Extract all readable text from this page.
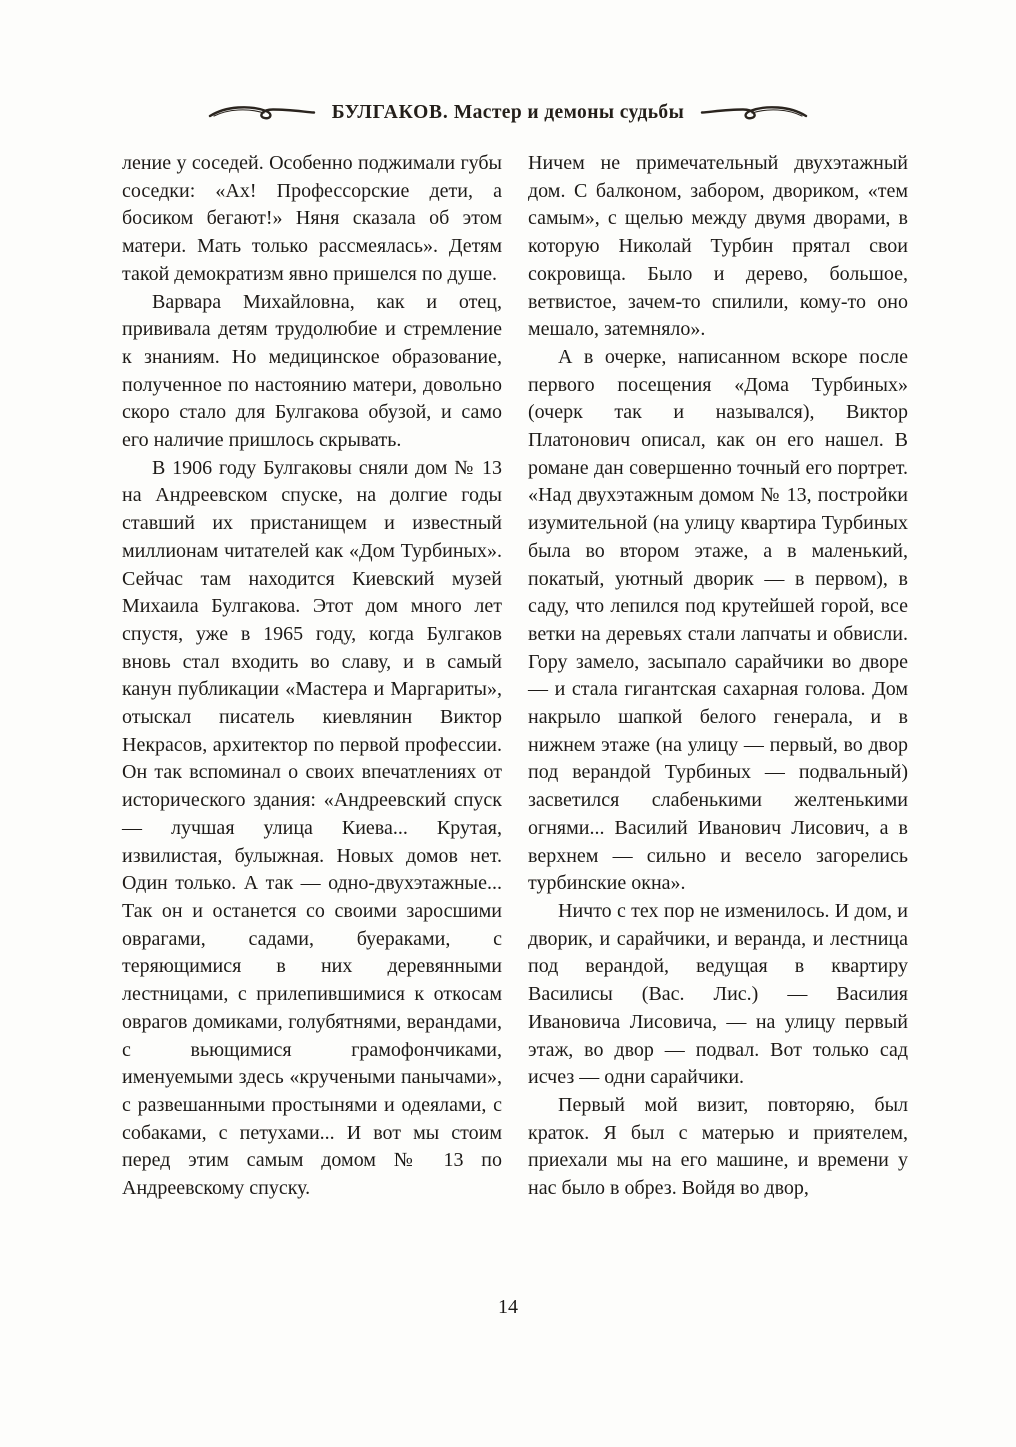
БУЛГАКОВ. Мастер и демоны судьбы

ление у соседей. Особенно поджимали губы соседки: «Ах! Профессорские дети, а босиком бегают!» Няня сказала об этом матери. Мать только рассмеялась». Детям такой демократизм явно пришелся по душе.

Варвара Михайловна, как и отец, прививала детям трудолюбие и стремление к знаниям. Но медицинское образование, полученное по настоянию матери, довольно скоро стало для Булгакова обузой, и само его наличие пришлось скрывать.

В 1906 году Булгаковы сняли дом № 13 на Андреевском спуске, на долгие годы ставший их пристанищем и известный миллионам читателей как «Дом Турбиных». Сейчас там находится Киевский музей Михаила Булгакова. Этот дом много лет спустя, уже в 1965 году, когда Булгаков вновь стал входить во славу, и в самый канун публикации «Мастера и Маргариты», отыскал писатель киевлянин Виктор Некрасов, архитектор по первой профессии. Он так вспоминал о своих впечатлениях от исторического здания: «Андреевский спуск — лучшая улица Киева... Крутая, извилистая, булыжная. Новых домов нет. Один только. А так — одно-двухэтажные... Так он и останется со своими заросшими оврагами, садами, буераками, с теряющимися в них деревянными лестницами, с прилепившимися к откосам оврагов домиками, голубятнями, верандами, с вьющимися грамофончиками, именуемыми здесь «кручеными панычами», с развешанными простынями и одеялами, с собаками, с петухами... И вот мы стоим перед этим самым домом № 13 по Андреевскому спуску.

Ничем не примечательный двухэтажный дом. С балконом, забором, двориком, «тем самым», с щелью между двумя дворами, в которую Николай Турбин прятал свои сокровища. Было и дерево, большое, ветвистое, зачем-то спилили, кому-то оно мешало, затемняло».

А в очерке, написанном вскоре после первого посещения «Дома Турбиных» (очерк так и назывался), Виктор Платонович описал, как он его нашел. В романе дан совершенно точный его портрет. «Над двухэтажным домом № 13, постройки изумительной (на улицу квартира Турбиных была во втором этаже, а в маленький, покатый, уютный дворик — в первом), в саду, что лепился под крутейшей горой, все ветки на деревьях стали лапчаты и обвисли. Гору замело, засыпало сарайчики во дворе — и стала гигантская сахарная голова. Дом накрыло шапкой белого генерала, и в нижнем этаже (на улицу — первый, во двор под верандой Турбиных — подвальный) засветился слабенькими желтенькими огнями... Василий Иванович Лисович, а в верхнем — сильно и весело загорелись турбинские окна».

Ничто с тех пор не изменилось. И дом, и дворик, и сарайчики, и веранда, и лестница под верандой, ведущая в квартиру Василисы (Вас. Лис.) — Василия Ивановича Лисовича, — на улицу первый этаж, во двор — подвал. Вот только сад исчез — одни сарайчики.

Первый мой визит, повторяю, был краток. Я был с матерью и приятелем, приехали мы на его машине, и времени у нас было в обрез. Войдя во двор,

14
